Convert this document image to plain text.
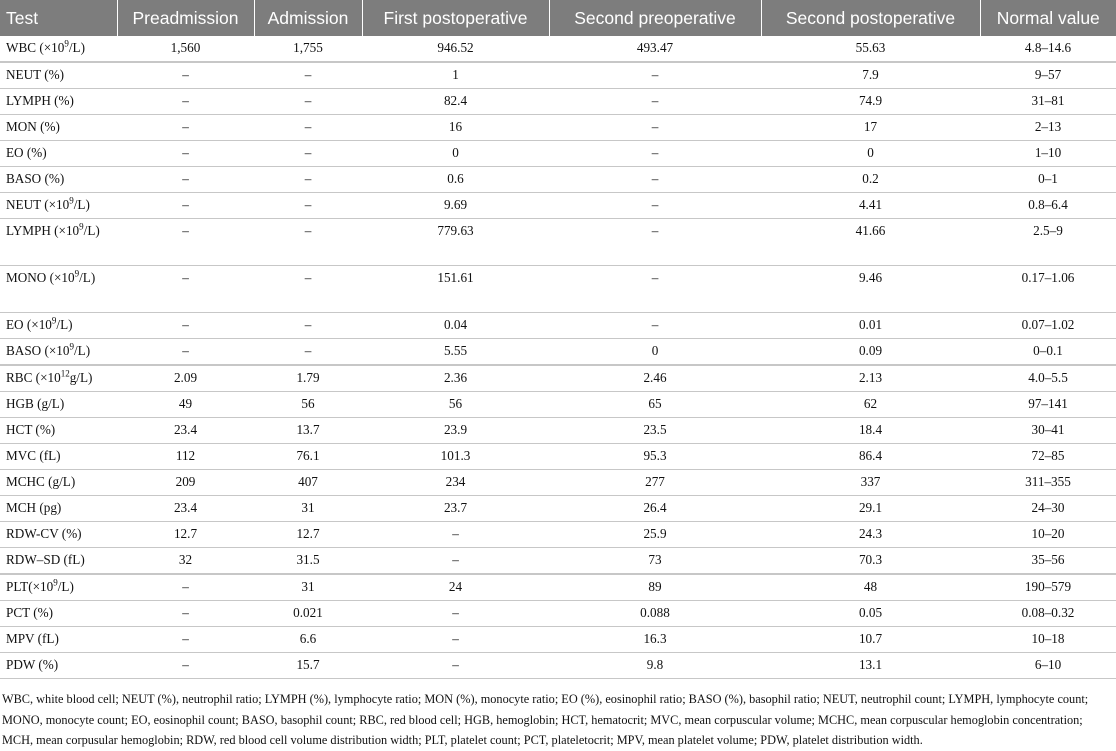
Test	Preadmission	Admission	First postoperative	Second preoperative	Second postoperative	Normal value
WBC $(\times 10^9/L)$	1,560	1,755	946.52	493.47	55.63	4.8–14.6
NEUT (%)	–	–	1	–	7.9	9–57
LYMPH (%)	–	–	82.4	–	74.9	31–81
MON (%)	–	–	16	–	17	2–13
EO (%)	–	–	0	–	0	1–10
BASO (%)	–	–	0.6	–	0.2	0–1
NEUT $(\times 10^9/L)$	–	–	9.69	–	4.41	0.8–6.4
LYMPH $(\times 10^9/L)$	–	–	779.63	–	41.66	2.5–9
MONO $(\times 10^9/L)$	–	–	151.61	–	9.46	0.17–1.06
EO $(\times 10^9/L)$	–	–	0.04	–	0.01	0.07–1.02
BASO $(\times 10^9/L)$	–	–	5.55	0	0.09	0–0.1
RBC $(\times 10^{12}g/L)$	2.09	1.79	2.36	2.46	2.13	4.0–5.5
HGB (g/L)	49	56	56	65	62	97–141
HCT (%)	23.4	13.7	23.9	23.5	18.4	30–41
MVC (fL)	112	76.1	101.3	95.3	86.4	72–85
MCHC (g/L)	209	407	234	277	337	311–355
MCH (pg)	23.4	31	23.7	26.4	29.1	24–30
RDW-CV (%)	12.7	12.7	–	25.9	24.3	10–20
RDW–SD (fL)	32	31.5	–	73	70.3	35–56
$PLT(\times 10^9/L)$	–	31	24	89	48	190–579
PCT (%)	–	0.021	–	0.088	0.05	0.08–0.32
MPV (fL)	–	6.6	–	16.3	10.7	10–18
PDW (%)	–	15.7	–	9.8	13.1	6–10

WBC, white blood cell; NEUT (%), neutrophil ratio; LYMPH (%), lymphocyte ratio; MON (%), monocyte ratio; EO (%), eosinophil ratio; BASO (%), basophil ratio; NEUT, neutrophil count; LYMPH, lymphocyte count; MONO, monocyte count; EO, eosinophil count; BASO, basophil count; RBC, red blood cell; HGB, hemoglobin; HCT, hematocrit; MVC, mean corpuscular volume; MCHC, mean corpuscular hemoglobin concentration; MCH, mean corpusular hemoglobin; RDW, red blood cell volume distribution width; PLT, platelet count; PCT, plateletocrit; MPV, mean platelet volume; PDW, platelet distribution width.
